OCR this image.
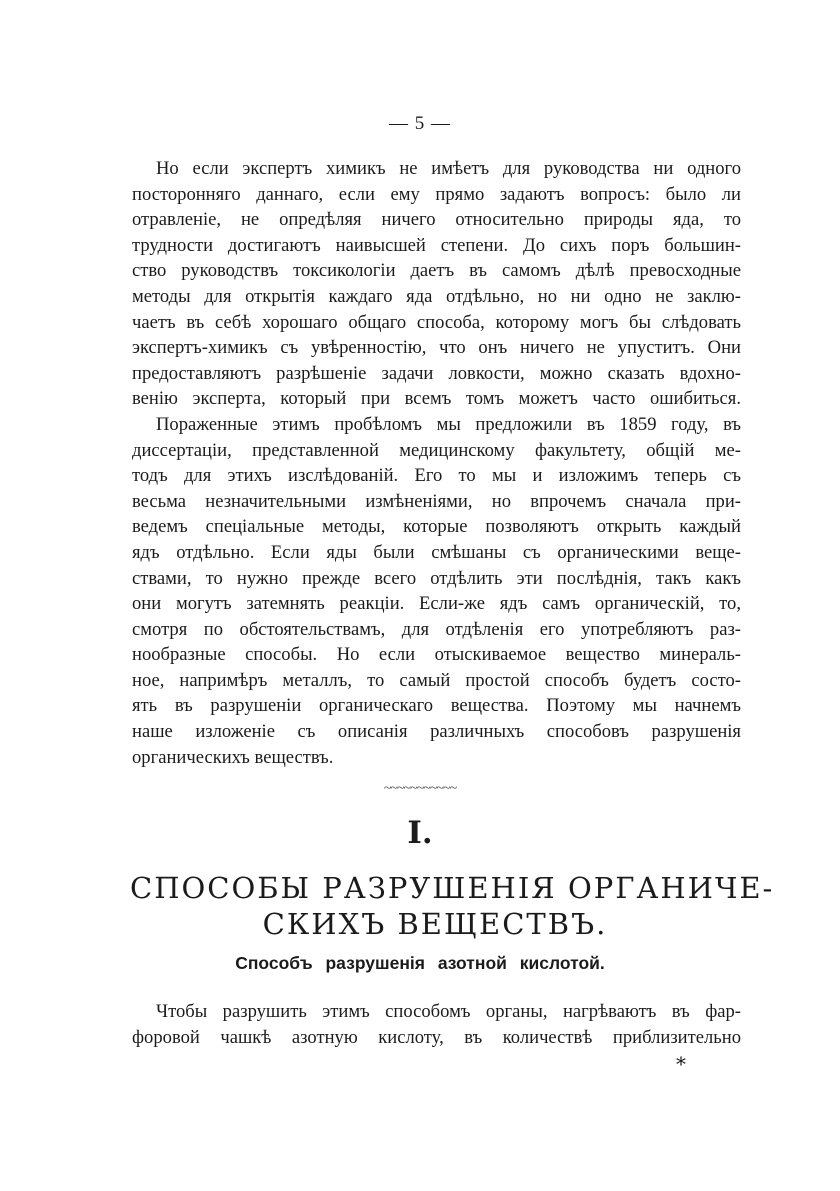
— 5 —

Но если экспертъ химикъ не имѣетъ для руководства ни одного
посторонняго даннаго, если ему прямо задаютъ вопросъ: было ли
отравленіе, не опредѣляя ничего относительно природы яда, то
трудности достигаютъ наивысшей степени. До сихъ поръ большин-
ство руководствъ токсикологіи даетъ въ самомъ дѣлѣ превосходные
методы для открытія каждаго яда отдѣльно, но ни одно не заклю-
чаетъ въ себѣ хорошаго общаго способа, которому могъ бы слѣдовать
экспертъ-химикъ съ увѣренностію, что онъ ничего не упуститъ. Они
предоставляютъ разрѣшеніе задачи ловкости, можно сказать вдохно-
венію эксперта, который при всемъ томъ можетъ часто ошибиться.

Пораженные этимъ пробѣломъ мы предложили въ 1859 году, въ
диссертаціи, представленной медицинскому факультету, общій ме-
тодъ для этихъ изслѣдованій. Его то мы и изложимъ теперь съ
весьма незначительными измѣненіями, но впрочемъ сначала при-
ведемъ спеціальные методы, которые позволяютъ открыть каждый
ядъ отдѣльно. Если яды были смѣшаны съ органическими веще-
ствами, то нужно прежде всего отдѣлить эти послѣднія, такъ какъ
они могутъ затемнять реакціи. Если-же ядъ самъ органическій, то,
смотря по обстоятельствамъ, для отдѣленія его употребляютъ раз-
нообразные способы. Но если отыскиваемое вещество минераль-
ное, напримѣръ металлъ, то самый простой способъ будетъ состо-
ять въ разрушеніи органическаго вещества. Поэтому мы начнемъ
наше изложеніе съ описанія различныхъ способовъ разрушенія
органическихъ веществъ.

~~~~~~~~~~~
I.
СПОСОБЫ РАЗРУШЕНІЯ ОРГАНИЧЕ-
СКИХЪ ВЕЩЕСТВЪ.
Способъ разрушенія азотной кислотой.

Чтобы разрушить этимъ способомъ органы, нагрѣваютъ въ фар-
форовой чашкѣ азотную кислоту, въ количествѣ приблизительно

*
